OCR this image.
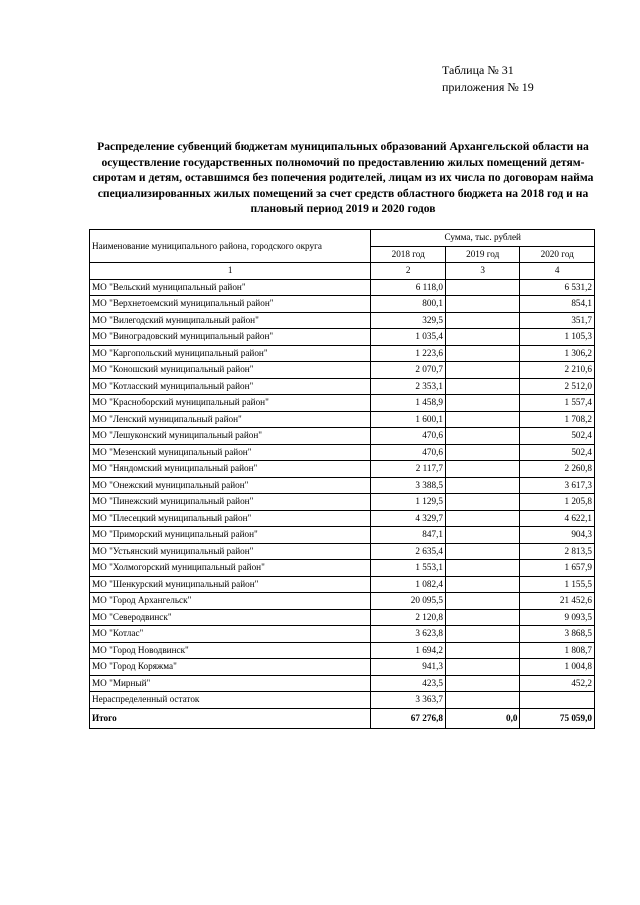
Таблица № 31
приложения № 19
Распределение субвенций бюджетам муниципальных образований Архангельской области на осуществление государственных полномочий по предоставлению жилых помещений детям-сиротам и детям, оставшимся без попечения родителей, лицам из их числа по договорам найма специализированных жилых помещений за счет средств областного бюджета на 2018 год и на плановый период 2019 и 2020 годов
Наименование муниципального района, городского округа	Сумма, тыс. рублей		
	2018 год	2019 год	2020 год
1	2	3	4
МО "Вельский муниципальный район"	6 118,0		6 531,2
МО "Верхнетоемский муниципальный район"	800,1		854,1
МО "Вилегодский муниципальный район"	329,5		351,7
МО "Виноградовский муниципальный район"	1 035,4		1 105,3
МО "Каргопольский муниципальный район"	1 223,6		1 306,2
МО "Коношский муниципальный район"	2 070,7		2 210,6
МО "Котласский муниципальный район"	2 353,1		2 512,0
МО "Красноборский муниципальный район"	1 458,9		1 557,4
МО "Ленский муниципальный район"	1 600,1		1 708,2
МО "Лешуконский муниципальный район"	470,6		502,4
МО "Мезенский муниципальный район"	470,6		502,4
МО "Няндомский муниципальный район"	2 117,7		2 260,8
МО "Онежский муниципальный район"	3 388,5		3 617,3
МО "Пинежский муниципальный район"	1 129,5		1 205,8
МО "Плесецкий муниципальный район"	4 329,7		4 622,1
МО "Приморский муниципальный район"	847,1		904,3
МО "Устьянский муниципальный район"	2 635,4		2 813,5
МО "Холмогорский муниципальный район"	1 553,1		1 657,9
МО "Шенкурский муниципальный район"	1 082,4		1 155,5
МО "Город Архангельск"	20 095,5		21 452,6
МО "Северодвинск"	2 120,8		9 093,5
МО "Котлас"	3 623,8		3 868,5
МО "Город Новодвинск"	1 694,2		1 808,7
МО "Город Коряжма"	941,3		1 004,8
МО "Мирный"	423,5		452,2
Нераспределенный остаток	3 363,7		
Итого	67 276,8	0,0	75 059,0
